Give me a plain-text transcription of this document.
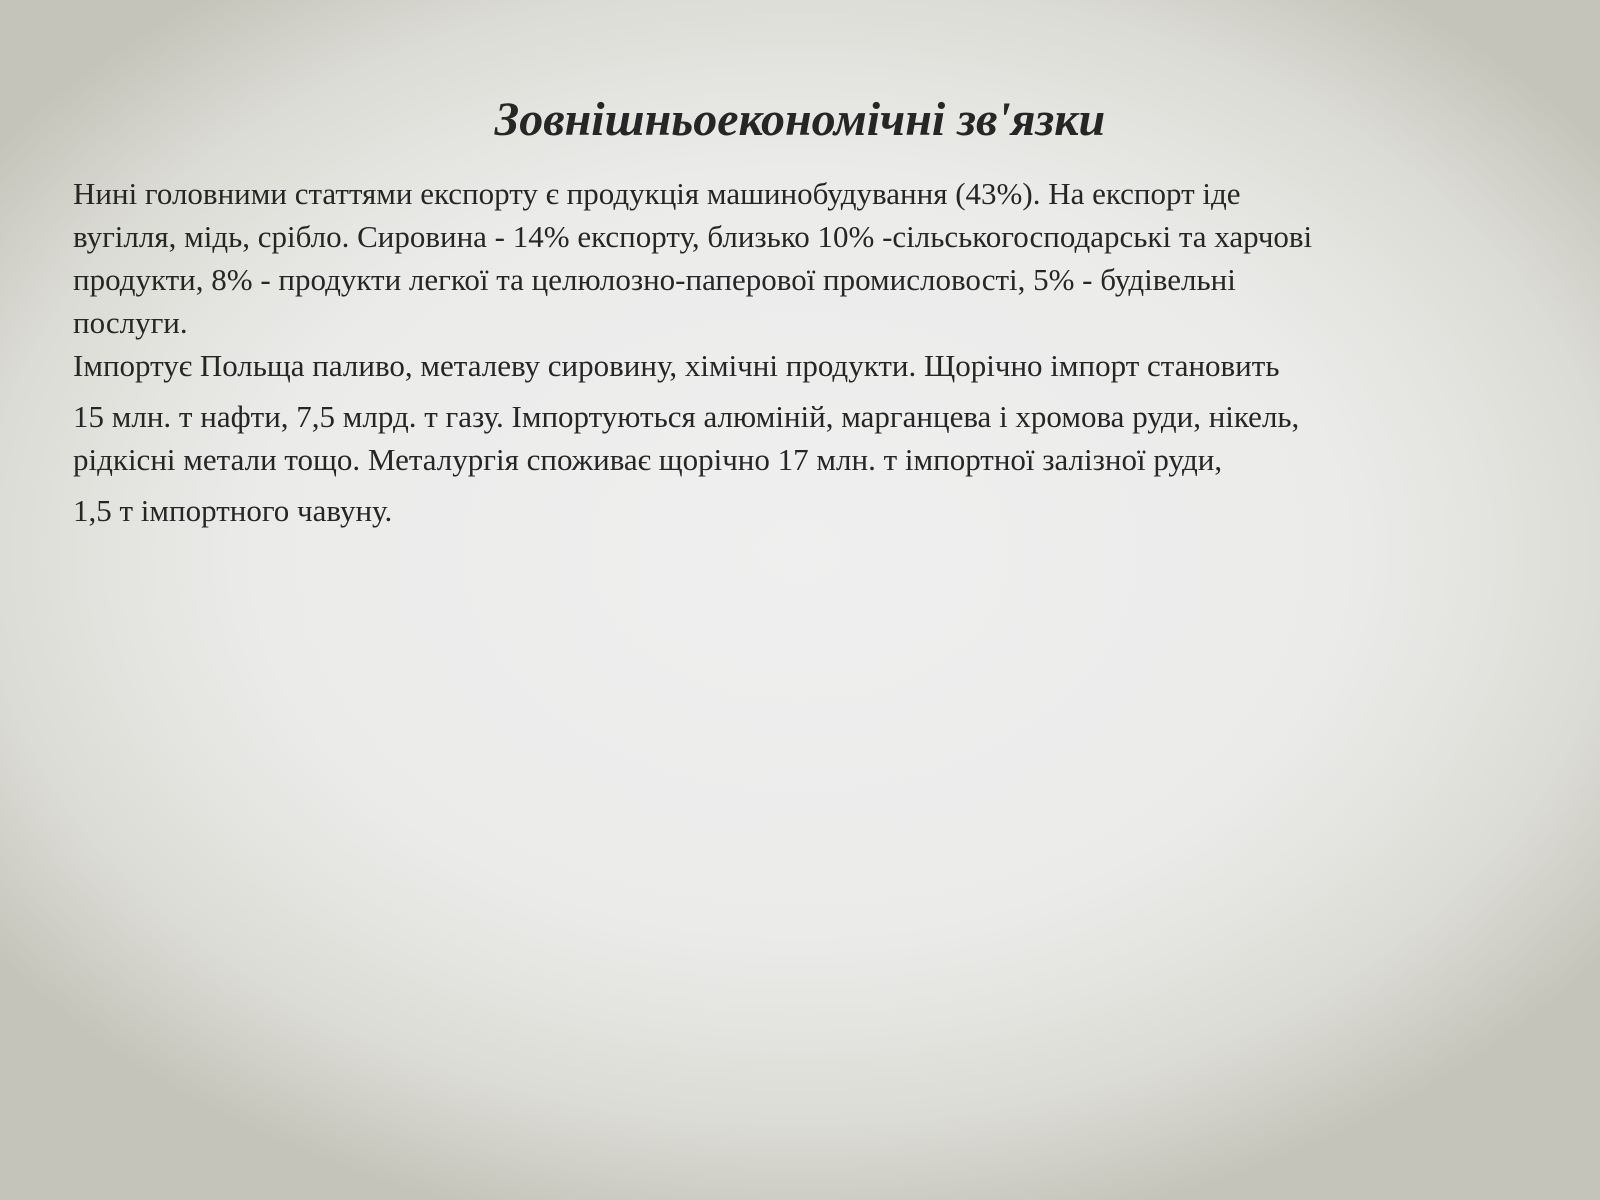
Зовнішньоекономічні зв'язки

Нині головними статтями експорту є продукція машинобудування (43%). На експорт іде
вугілля, мідь, срібло. Сировина - 14% експорту, близько 10% -сільськогосподарські та харчові
продукти, 8% - продукти легкої та целюлозно-паперової промисловості, 5% - будівельні
послуги.

Імпортує Польща паливо, металеву сировину, хімічні продукти. Щорічно імпорт становить

15 млн. т нафти, 7,5 млрд. т газу. Імпортуються алюміній, марганцева і хромова руди, нікель,
рідкісні метали тощо. Металургія споживає щорічно 17 млн. т імпортної залізної руди,

1,5 т імпортного чавуну.
